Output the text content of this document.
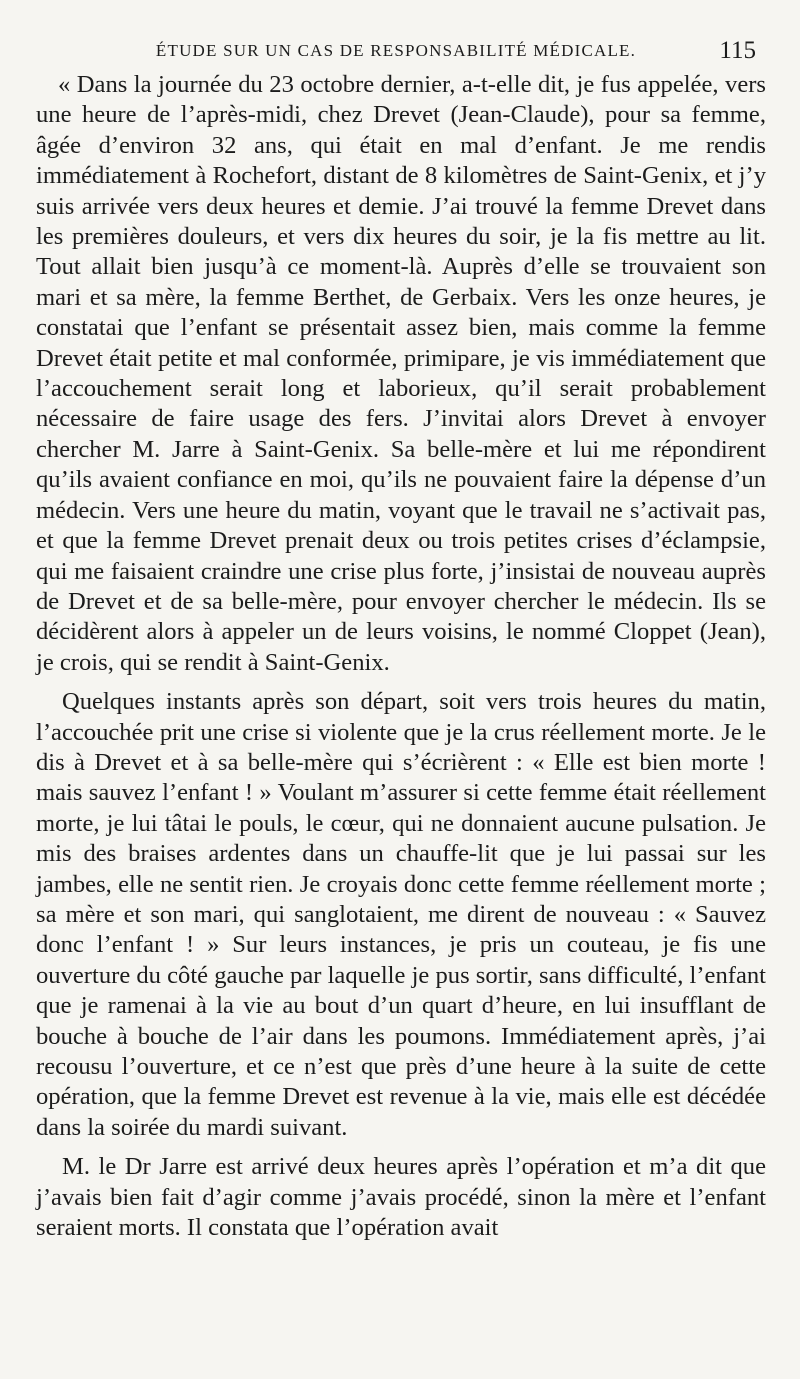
ÉTUDE SUR UN CAS DE RESPONSABILITÉ MÉDICALE.	115

« Dans la journée du 23 octobre dernier, a-t-elle dit, je fus appelée, vers une heure de l’après-midi, chez Drevet (Jean-Claude), pour sa femme, âgée d’environ 32 ans, qui était en mal d’enfant. Je me rendis immédiatement à Rochefort, distant de 8 kilomètres de Saint-Genix, et j’y suis arrivée vers deux heures et demie. J’ai trouvé la femme Drevet dans les premières douleurs, et vers dix heures du soir, je la fis mettre au lit. Tout allait bien jusqu’à ce moment-là. Auprès d’elle se trouvaient son mari et sa mère, la femme Berthet, de Gerbaix. Vers les onze heures, je constatai que l’enfant se présentait assez bien, mais comme la femme Drevet était petite et mal conformée, primipare, je vis immédiatement que l’accouchement serait long et laborieux, qu’il serait probablement nécessaire de faire usage des fers. J’invitai alors Drevet à envoyer chercher M. Jarre à Saint-Genix. Sa belle-mère et lui me répondirent qu’ils avaient confiance en moi, qu’ils ne pouvaient faire la dépense d’un médecin. Vers une heure du matin, voyant que le travail ne s’activait pas, et que la femme Drevet prenait deux ou trois petites crises d’éclampsie, qui me faisaient craindre une crise plus forte, j’insistai de nouveau auprès de Drevet et de sa belle-mère, pour envoyer chercher le médecin. Ils se décidèrent alors à appeler un de leurs voisins, le nommé Cloppet (Jean), je crois, qui se rendit à Saint-Genix.

Quelques instants après son départ, soit vers trois heures du matin, l’accouchée prit une crise si violente que je la crus réellement morte. Je le dis à Drevet et à sa belle-mère qui s’écrièrent : « Elle est bien morte ! mais sauvez l’enfant ! » Voulant m’assurer si cette femme était réellement morte, je lui tâtai le pouls, le cœur, qui ne donnaient aucune pulsation. Je mis des braises ardentes dans un chauffe-lit que je lui passai sur les jambes, elle ne sentit rien. Je croyais donc cette femme réellement morte ; sa mère et son mari, qui sanglotaient, me dirent de nouveau : « Sauvez donc l’enfant ! » Sur leurs instances, je pris un couteau, je fis une ouverture du côté gauche par laquelle je pus sortir, sans difficulté, l’enfant que je ramenai à la vie au bout d’un quart d’heure, en lui insufflant de bouche à bouche de l’air dans les poumons. Immédiatement après, j’ai recousu l’ouverture, et ce n’est que près d’une heure à la suite de cette opération, que la femme Drevet est revenue à la vie, mais elle est décédée dans la soirée du mardi suivant.

M. le Dr Jarre est arrivé deux heures après l’opération et m’a dit que j’avais bien fait d’agir comme j’avais procédé, sinon la mère et l’enfant seraient morts. Il constata que l’opération avait
